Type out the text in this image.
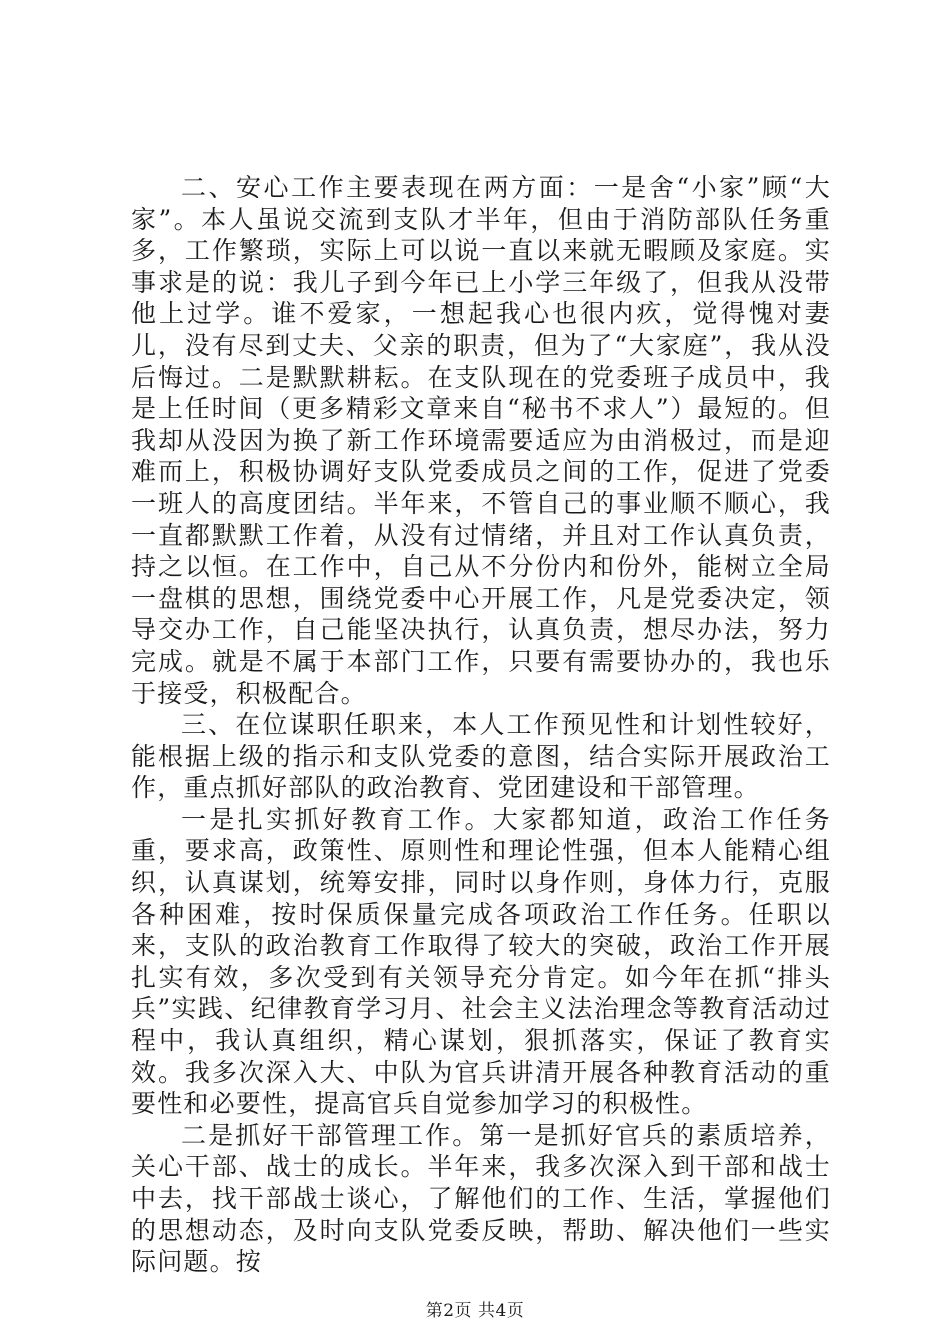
二、安心工作主要表现在两方面：一是舍“小家”顾“大家”。本人虽说交流到支队才半年，但由于消防部队任务重多，工作繁琐，实际上可以说一直以来就无暇顾及家庭。实事求是的说：我儿子到今年已上小学三年级了，但我从没带他上过学。谁不爱家，一想起我心也很内疚，觉得愧对妻儿，没有尽到丈夫、父亲的职责，但为了“大家庭”，我从没后悔过。二是默默耕耘。在支队现在的党委班子成员中，我是上任时间（更多精彩文章来自“秘书不求人”）最短的。但我却从没因为换了新工作环境需要适应为由消极过，而是迎难而上，积极协调好支队党委成员之间的工作，促进了党委一班人的高度团结。半年来，不管自己的事业顺不顺心，我一直都默默工作着，从没有过情绪，并且对工作认真负责，持之以恒。在工作中，自己从不分份内和份外，能树立全局一盘棋的思想，围绕党委中心开展工作，凡是党委决定，领导交办工作，自己能坚决执行，认真负责，想尽办法，努力完成。就是不属于本部门工作，只要有需要协办的，我也乐于接受，积极配合。

三、在位谋职任职来，本人工作预见性和计划性较好，能根据上级的指示和支队党委的意图，结合实际开展政治工作，重点抓好部队的政治教育、党团建设和干部管理。

一是扎实抓好教育工作。大家都知道，政治工作任务重，要求高，政策性、原则性和理论性强，但本人能精心组织，认真谋划，统筹安排，同时以身作则，身体力行，克服各种困难，按时保质保量完成各项政治工作任务。任职以来，支队的政治教育工作取得了较大的突破，政治工作开展扎实有效，多次受到有关领导充分肯定。如今年在抓“排头兵”实践、纪律教育学习月、社会主义法治理念等教育活动过程中，我认真组织，精心谋划，狠抓落实，保证了教育实效。我多次深入大、中队为官兵讲清开展各种教育活动的重要性和必要性，提高官兵自觉参加学习的积极性。

二是抓好干部管理工作。第一是抓好官兵的素质培养，关心干部、战士的成长。半年来，我多次深入到干部和战士中去，找干部战士谈心，了解他们的工作、生活，掌握他们的思想动态，及时向支队党委反映，帮助、解决他们一些实际问题。按

第2页 共4页
